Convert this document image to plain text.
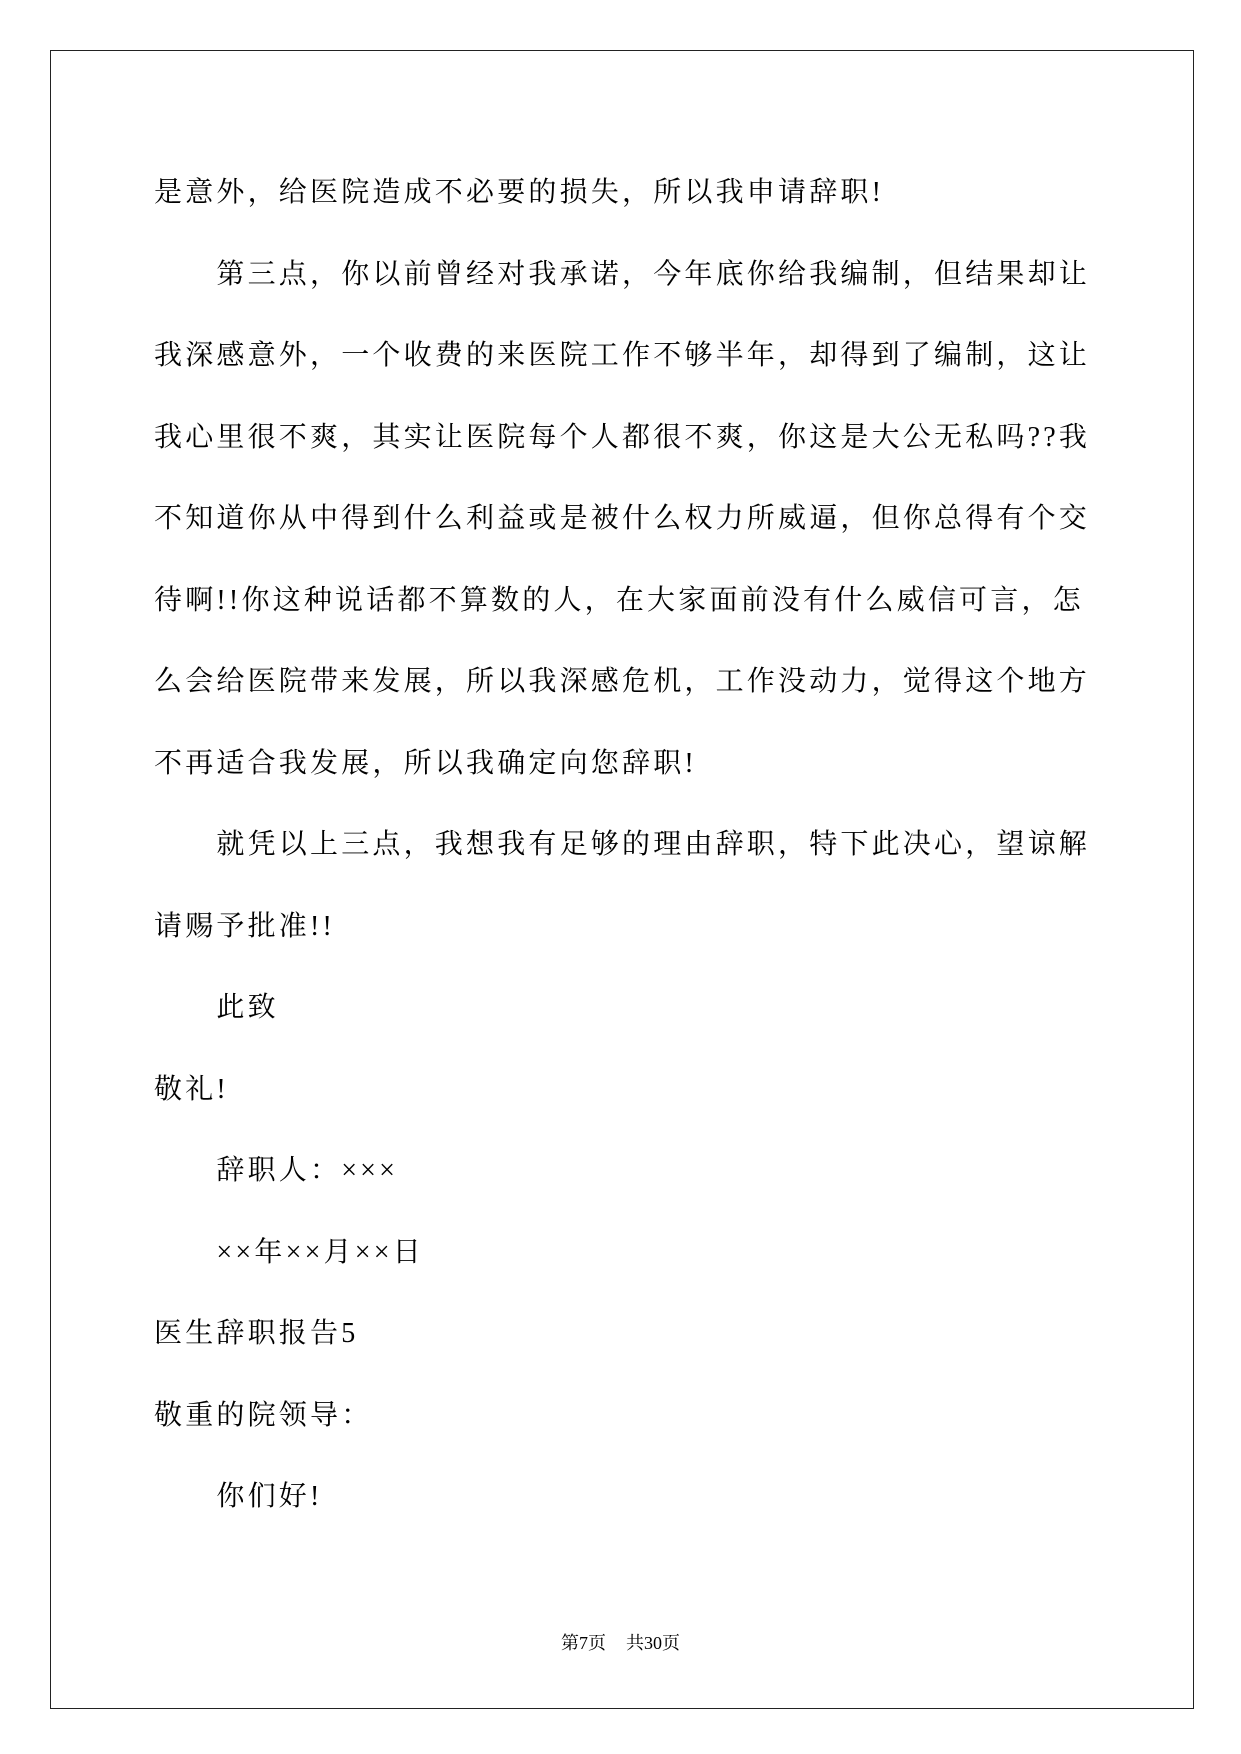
是意外，给医院造成不必要的损失，所以我申请辞职!
第三点，你以前曾经对我承诺，今年底你给我编制，但结果却让
我深感意外，一个收费的来医院工作不够半年，却得到了编制，这让
我心里很不爽，其实让医院每个人都很不爽，你这是大公无私吗??我
不知道你从中得到什么利益或是被什么权力所威逼，但你总得有个交
待啊!!你这种说话都不算数的人，在大家面前没有什么威信可言，怎
么会给医院带来发展，所以我深感危机，工作没动力，觉得这个地方
不再适合我发展，所以我确定向您辞职!
就凭以上三点，我想我有足够的理由辞职，特下此决心，望谅解
请赐予批准!!
此致
敬礼!
辞职人：×××
××年××月××日
医生辞职报告5
敬重的院领导：
你们好!
第7页 共30页
